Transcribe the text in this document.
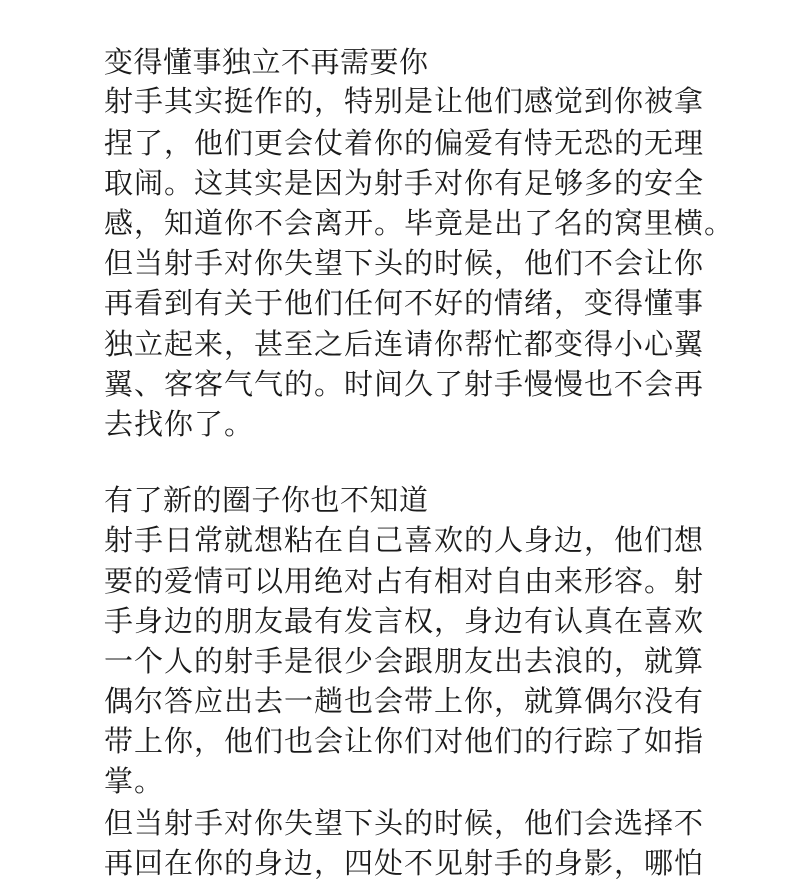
变得懂事独立不再需要你
射手其实挺作的，特别是让他们感觉到你被拿
捏了，他们更会仗着你的偏爱有恃无恐的无理
取闹。这其实是因为射手对你有足够多的安全
感，知道你不会离开。毕竟是出了名的窝里横。
但当射手对你失望下头的时候，他们不会让你
再看到有关于他们任何不好的情绪，变得懂事
独立起来，甚至之后连请你帮忙都变得小心翼
翼、客客气气的。时间久了射手慢慢也不会再
去找你了。
有了新的圈子你也不知道
射手日常就想粘在自己喜欢的人身边，他们想
要的爱情可以用绝对占有相对自由来形容。射
手身边的朋友最有发言权，身边有认真在喜欢
一个人的射手是很少会跟朋友出去浪的，就算
偶尔答应出去一趟也会带上你，就算偶尔没有
带上你，他们也会让你们对他们的行踪了如指
掌。
但当射手对你失望下头的时候，他们会选择不
再回在你的身边，四处不见射手的身影，哪怕
